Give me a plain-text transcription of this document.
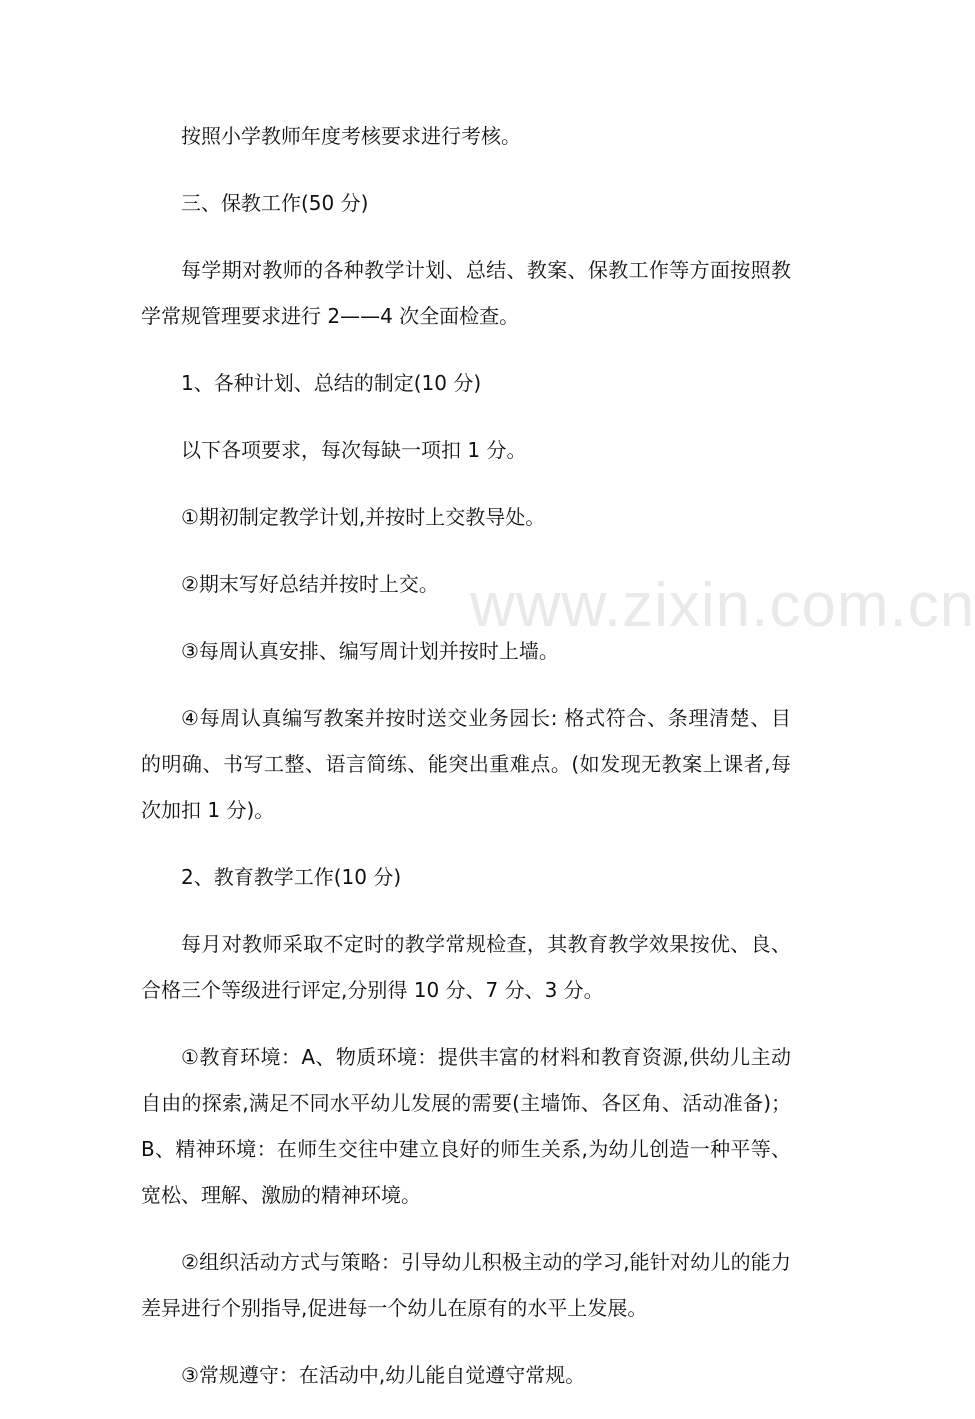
www.zixin.com.cn

按照小学教师年度考核要求进行考核。

三、保教工作(50 分)

每学期对教师的各种教学计划、总结、教案、保教工作等方面按照教学常规管理要求进行 2——4 次全面检查。

1、各种计划、总结的制定(10 分)

以下各项要求，每次每缺一项扣 1 分。

①期初制定教学计划,并按时上交教导处。

②期末写好总结并按时上交。

③每周认真安排、编写周计划并按时上墙。

④每周认真编写教案并按时送交业务园长: 格式符合、条理清楚、目的明确、书写工整、语言简练、能突出重难点。(如发现无教案上课者,每次加扣 1 分)。

2、教育教学工作(10 分)

每月对教师采取不定时的教学常规检查，其教育教学效果按优、良、合格三个等级进行评定,分别得 10 分、7 分、3 分。

①教育环境：A、物质环境：提供丰富的材料和教育资源,供幼儿主动自由的探索,满足不同水平幼儿发展的需要(主墙饰、各区角、活动准备)；B、精神环境：在师生交往中建立良好的师生关系,为幼儿创造一种平等、宽松、理解、激励的精神环境。

②组织活动方式与策略：引导幼儿积极主动的学习,能针对幼儿的能力差异进行个别指导,促进每一个幼儿在原有的水平上发展。

③常规遵守：在活动中,幼儿能自觉遵守常规。
